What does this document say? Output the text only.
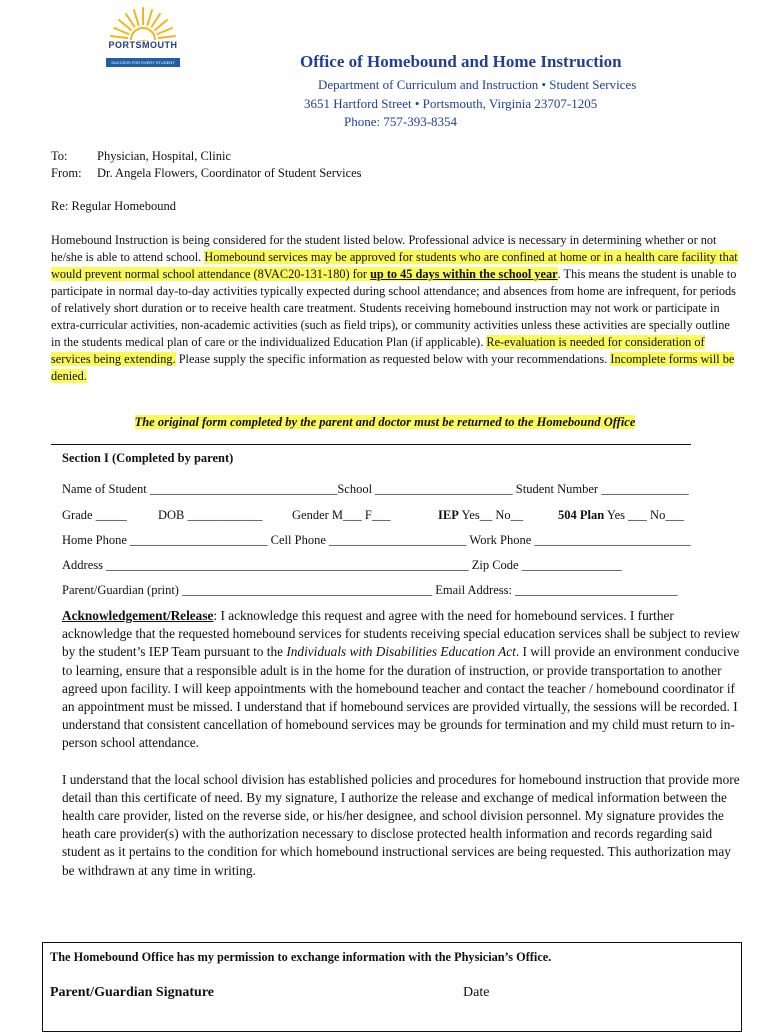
PORTSMOUTH
SUCCESS FOR EVERY STUDENT	Office of Homebound and Home Instruction
Department of Curriculum and Instruction • Student Services
3651 Hartford Street • Portsmouth, Virginia 23707-1205
Phone: 757-393-8354
To: Physician, Hospital, Clinic
From: Dr. Angela Flowers, Coordinator of Student Services
Re: Regular Homebound
Homebound Instruction is being considered for the student listed below. Professional advice is necessary in determining whether or not he/she is able to attend school. Homebound services may be approved for students who are confined at home or in a health care facility that would prevent normal school attendance (8VAC20-131-180) for up to 45 days within the school year. This means the student is unable to participate in normal day-to-day activities typically expected during school attendance; and absences from home are infrequent, for periods of relatively short duration or to receive health care treatment. Students receiving homebound instruction may not work or participate in extra-curricular activities, non-academic activities (such as field trips), or community activities unless these activities are specially outline in the students medical plan of care or the individualized Education Plan (if applicable). Re-evaluation is needed for consideration of services being extending. Please supply the specific information as requested below with your recommendations. Incomplete forms will be denied.
The original form completed by the parent and doctor must be returned to the Homebound Office
Section I (Completed by parent)
Name of Student ______________________________School ______________________ Student Number ______________
Grade _____ DOB ____________ Gender M___ F___	IEP Yes__ No__	504 Plan Yes ___ No___
Home Phone ______________________ Cell Phone ______________________ Work Phone _________________________
Address __________________________________________________________ Zip Code ________________
Parent/Guardian (print) ________________________________________ Email Address: __________________________

Acknowledgement/Release: I acknowledge this request and agree with the need for homebound services. I further acknowledge that the requested homebound services for students receiving special education services shall be subject to review by the student’s IEP Team pursuant to the Individuals with Disabilities Education Act. I will provide an environment conducive to learning, ensure that a responsible adult is in the home for the duration of instruction, or provide transportation to another agreed upon facility. I will keep appointments with the homebound teacher and contact the teacher / homebound coordinator if an appointment must be missed. I understand that if homebound services are provided virtually, the sessions will be recorded. I understand that consistent cancellation of homebound services may be grounds for termination and my child must return to in-person school attendance.

I understand that the local school division has established policies and procedures for homebound instruction that provide more detail than this certificate of need. By my signature, I authorize the release and exchange of medical information between the health care provider, listed on the reverse side, or his/her designee, and school division personnel. My signature provides the heath care provider(s) with the authorization necessary to disclose protected health information and records regarding said student as it pertains to the condition for which homebound instructional services are being requested. This authorization may be withdrawn at any time in writing.

The Homebound Office has my permission to exchange information with the Physician’s Office.
Parent/Guardian Signature	Date
